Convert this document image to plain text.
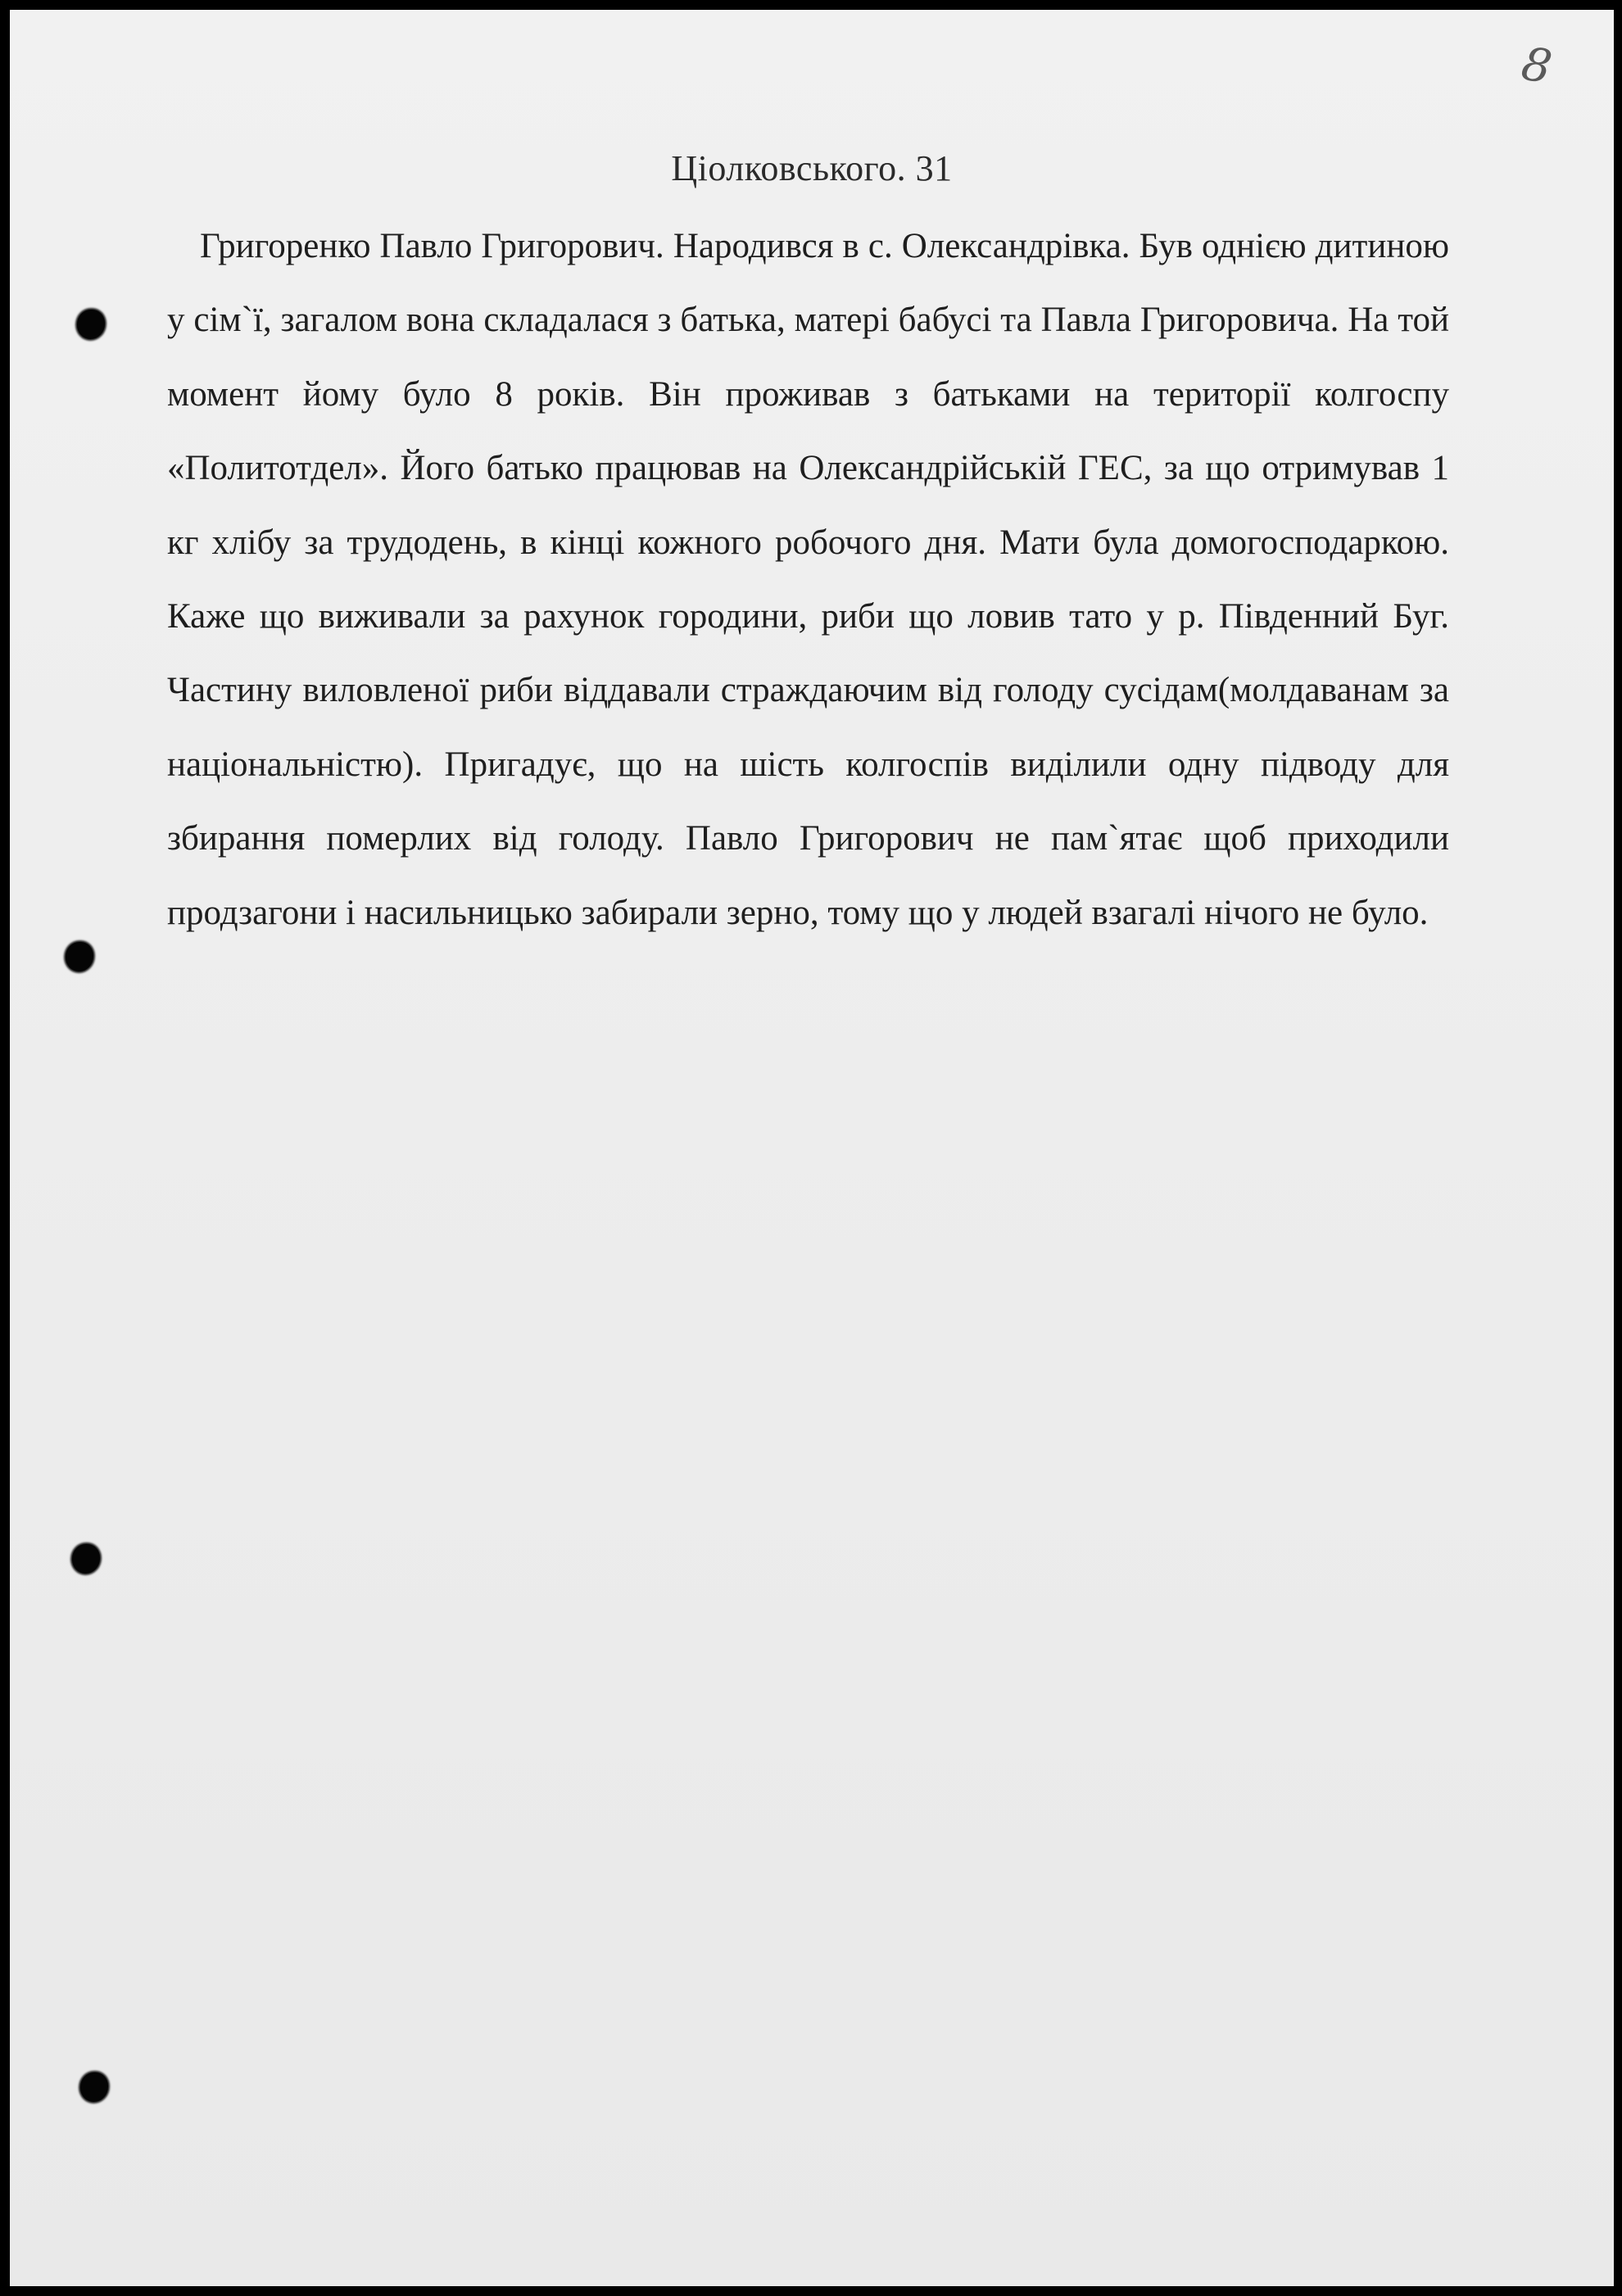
8
Ціолковського. 31

Григоренко Павло Григорович. Народився в с. Олександрівка. Був однією дитиною у сім`ї, загалом вона складалася з батька, матері бабусі та Павла Григоровича. На той момент йому було 8 років. Він проживав з батьками на території колгоспу «Политотдел». Його батько працював на Олександрійській ГЕС, за що отримував 1 кг хлібу за трудодень, в кінці кожного робочого дня. Мати була домогосподаркою. Каже що виживали за рахунок городини, риби що ловив тато у р. Південний Буг. Частину виловленої риби віддавали страждаючим від голоду сусідам(молдаванам за національністю). Пригадує, що на шість колгоспів виділили одну підводу для збирання померлих від голоду. Павло Григорович не пам`ятає щоб приходили продзагони і насильницько забирали зерно, тому що у людей взагалі нічого не було.
